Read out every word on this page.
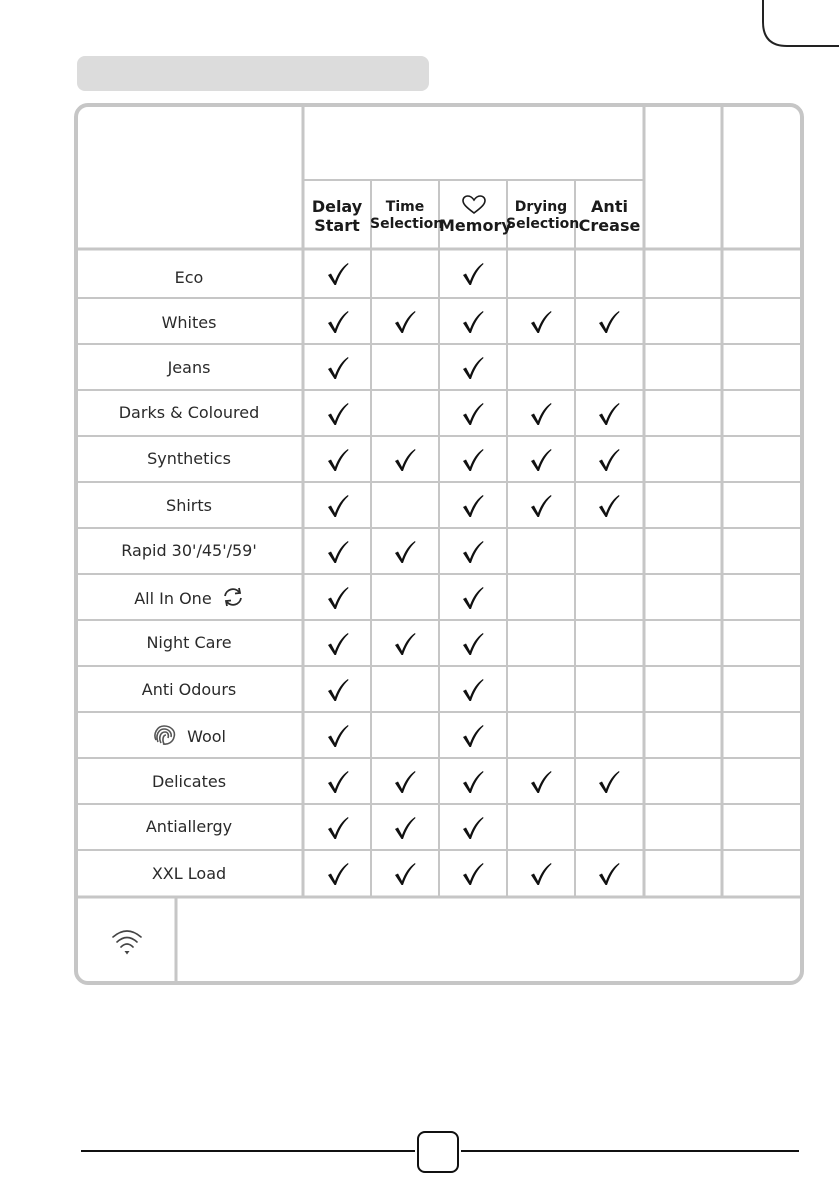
Delay
Start
Time
Selection
Memory
Drying
Selection
Anti
Crease
Eco
Whites
Jeans
Darks & Coloured
Synthetics
Shirts
Rapid 30'/45'/59'
All In One
Night Care
Anti Odours
Wool
Delicates
Antiallergy
XXL Load
